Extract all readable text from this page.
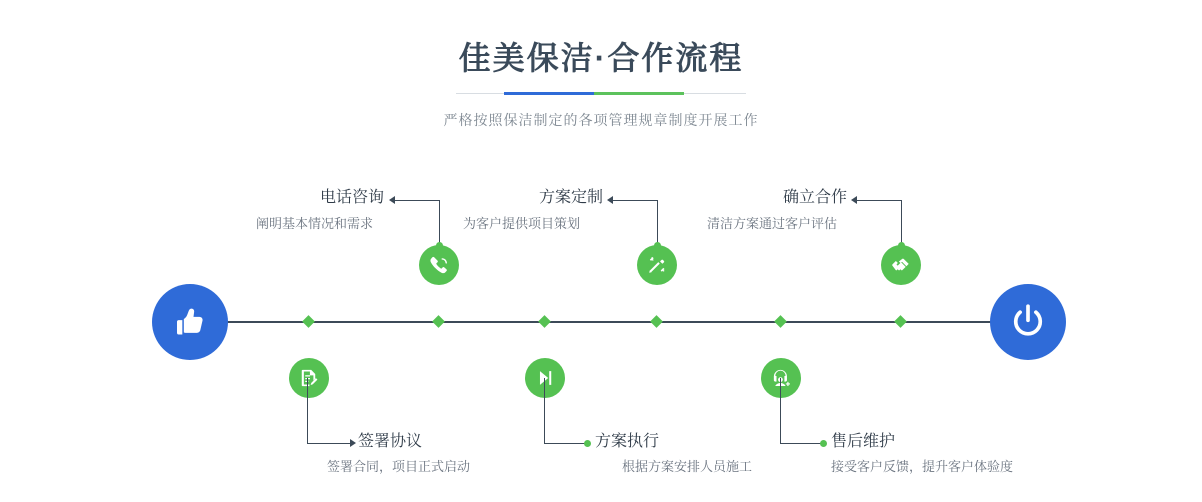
佳美保洁·合作流程
严格按照保洁制定的各项管理规章制度开展工作
电话咨询
阐明基本情况和需求
方案定制
为客户提供项目策划
确立合作
清洁方案通过客户评估
签署协议
签署合同，项目正式启动
方案执行
根据方案安排人员施工
售后维护
接受客户反馈，提升客户体验度
